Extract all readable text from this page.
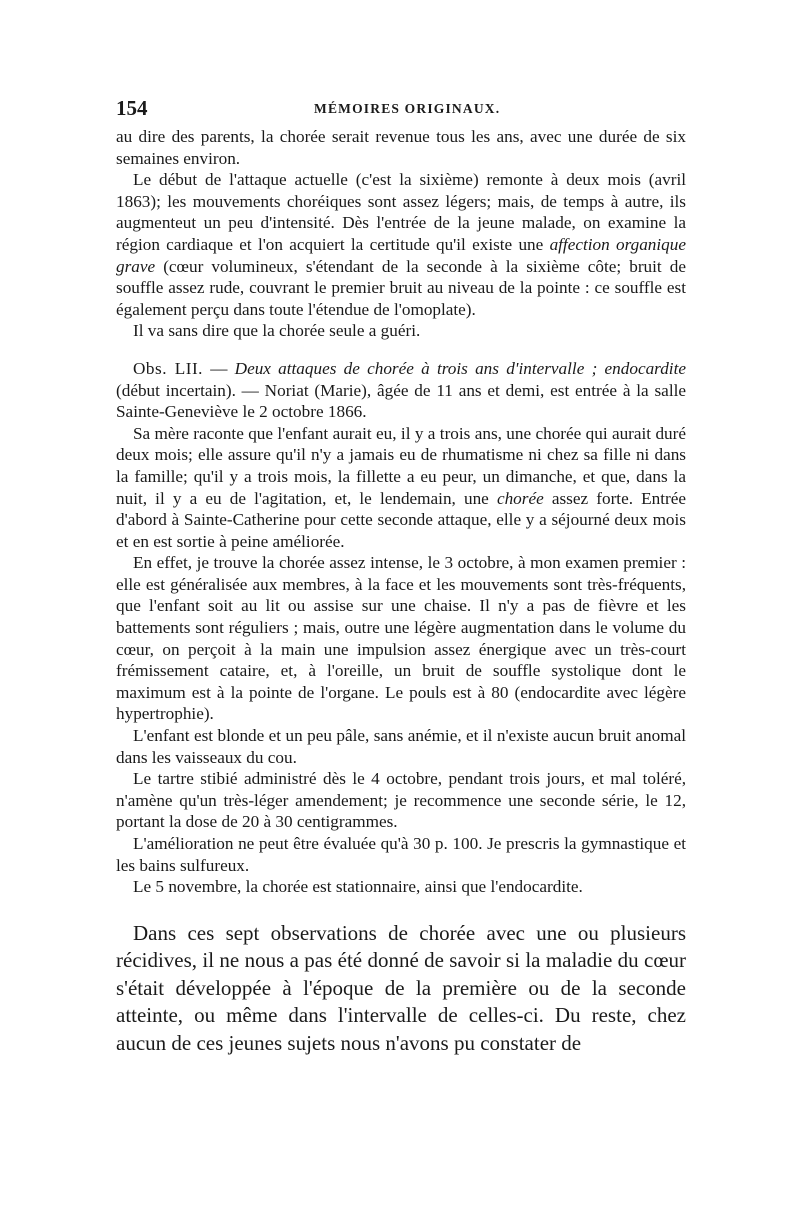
154	MÉMOIRES ORIGINAUX.

au dire des parents, la chorée serait revenue tous les ans, avec une durée de six semaines environ.

Le début de l'attaque actuelle (c'est la sixième) remonte à deux mois (avril 1863); les mouvements choréiques sont assez légers; mais, de temps à autre, ils augmenteut un peu d'intensité. Dès l'entrée de la jeune malade, on examine la région cardiaque et l'on acquiert la certitude qu'il existe une affection organique grave (cœur volumineux, s'étendant de la seconde à la sixième côte; bruit de souffle assez rude, couvrant le premier bruit au niveau de la pointe : ce souffle est également perçu dans toute l'étendue de l'omoplate).

Il va sans dire que la chorée seule a guéri.

Obs. LII. — Deux attaques de chorée à trois ans d'intervalle ; endocardite (début incertain). — Noriat (Marie), âgée de 11 ans et demi, est entrée à la salle Sainte-Geneviève le 2 octobre 1866.

Sa mère raconte que l'enfant aurait eu, il y a trois ans, une chorée qui aurait duré deux mois; elle assure qu'il n'y a jamais eu de rhumatisme ni chez sa fille ni dans la famille; qu'il y a trois mois, la fillette a eu peur, un dimanche, et que, dans la nuit, il y a eu de l'agitation, et, le lendemain, une chorée assez forte. Entrée d'abord à Sainte-Catherine pour cette seconde attaque, elle y a séjourné deux mois et en est sortie à peine améliorée.

En effet, je trouve la chorée assez intense, le 3 octobre, à mon examen premier : elle est généralisée aux membres, à la face et les mouvements sont très-fréquents, que l'enfant soit au lit ou assise sur une chaise. Il n'y a pas de fièvre et les battements sont réguliers ; mais, outre une légère augmentation dans le volume du cœur, on perçoit à la main une impulsion assez énergique avec un très-court frémissement cataire, et, à l'oreille, un bruit de souffle systolique dont le maximum est à la pointe de l'organe. Le pouls est à 80 (endocardite avec légère hypertrophie).

L'enfant est blonde et un peu pâle, sans anémie, et il n'existe aucun bruit anomal dans les vaisseaux du cou.

Le tartre stibié administré dès le 4 octobre, pendant trois jours, et mal toléré, n'amène qu'un très-léger amendement; je recommence une seconde série, le 12, portant la dose de 20 à 30 centigrammes.

L'amélioration ne peut être évaluée qu'à 30 p. 100. Je prescris la gymnastique et les bains sulfureux.

Le 5 novembre, la chorée est stationnaire, ainsi que l'endocardite.

Dans ces sept observations de chorée avec une ou plusieurs récidives, il ne nous a pas été donné de savoir si la maladie du cœur s'était développée à l'époque de la première ou de la seconde atteinte, ou même dans l'intervalle de celles-ci. Du reste, chez aucun de ces jeunes sujets nous n'avons pu constater de
